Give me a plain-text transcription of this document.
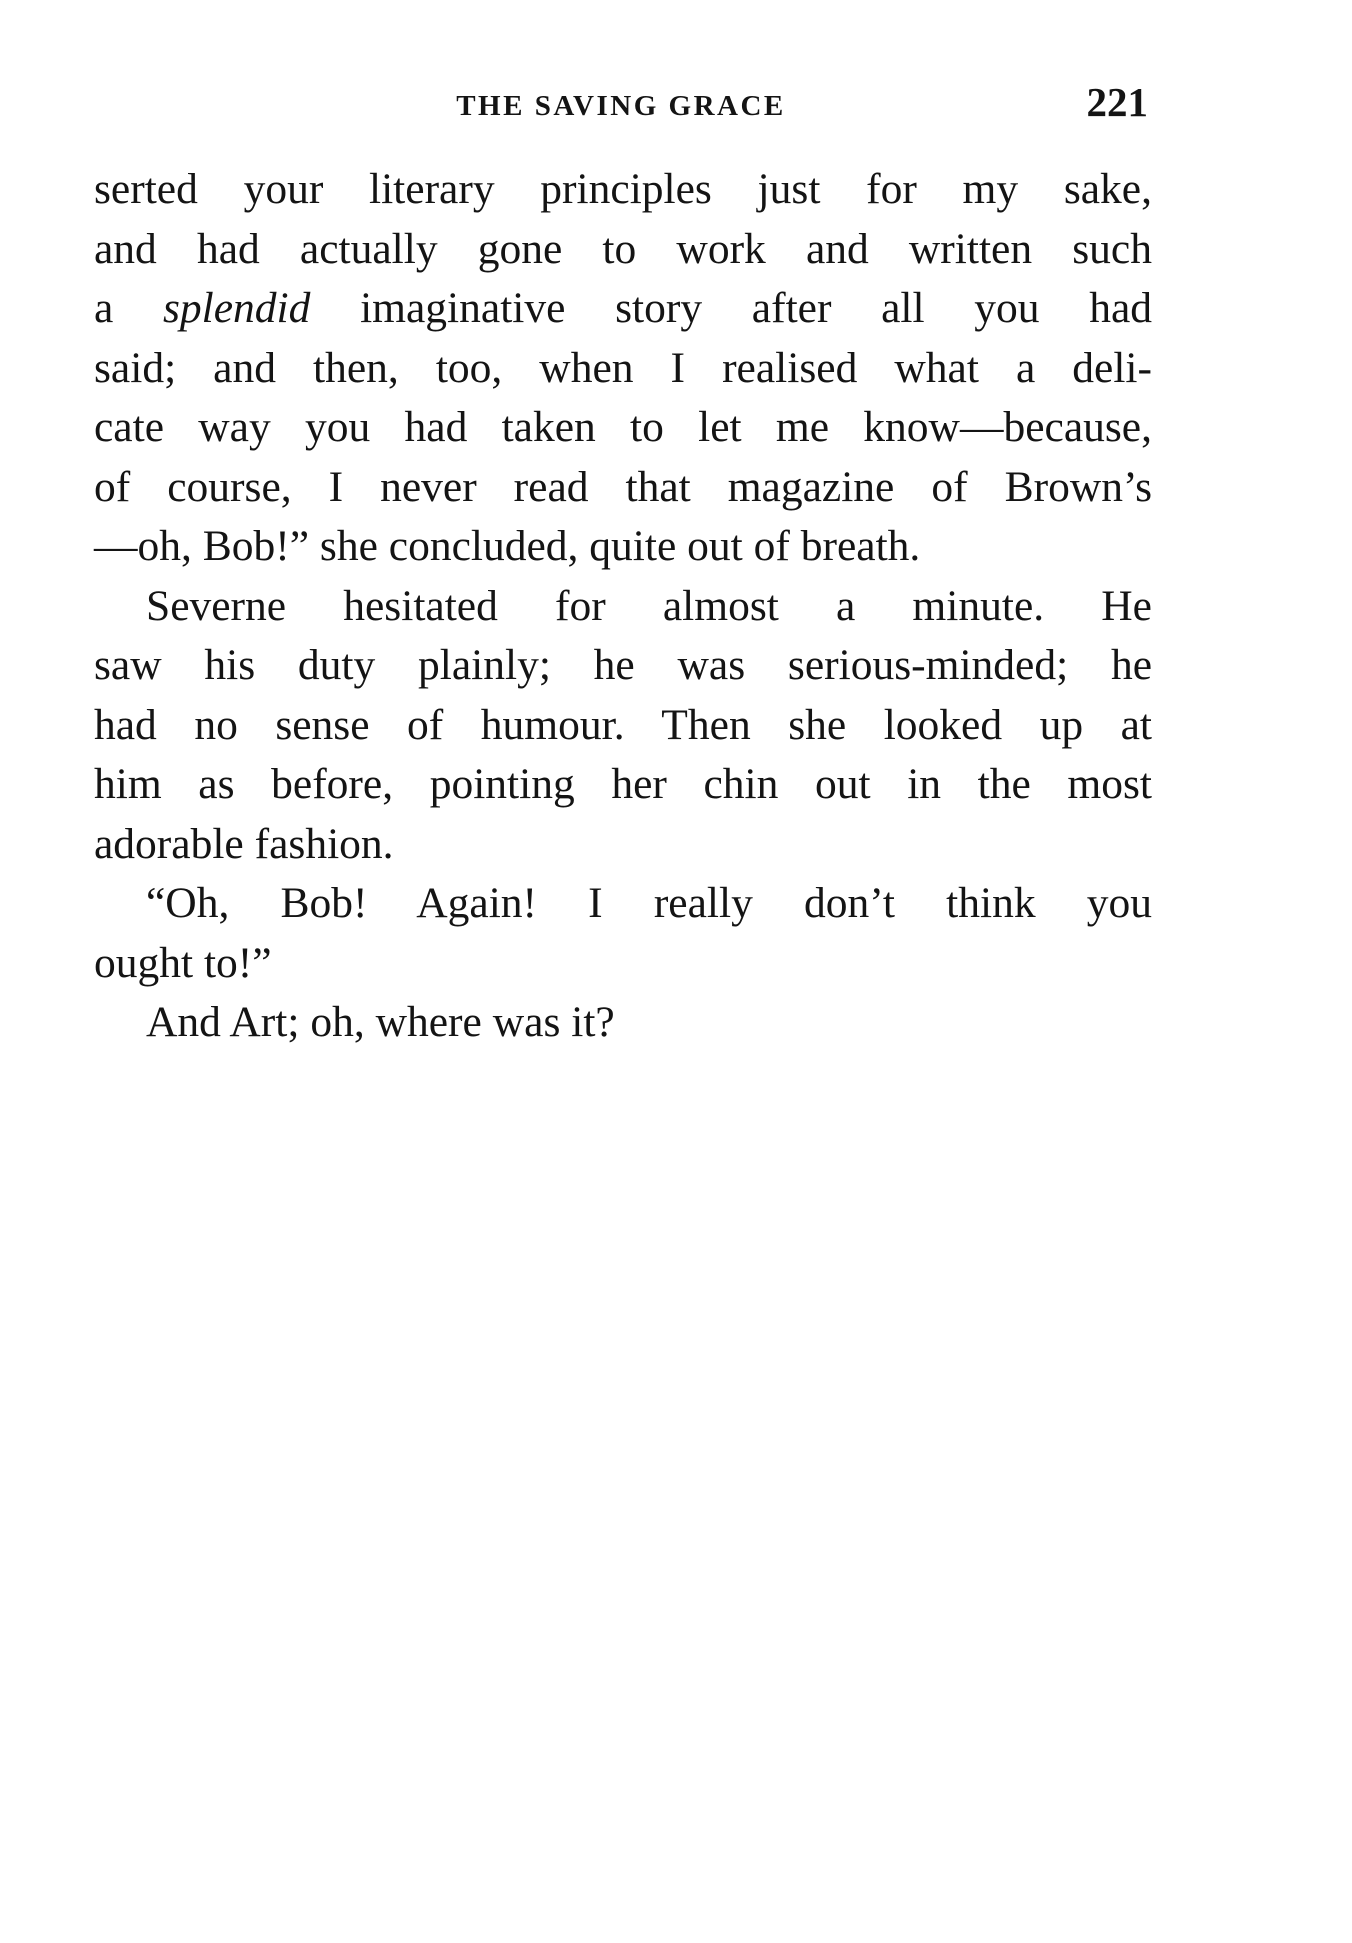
THE SAVING GRACE	221
serted your literary principles just for my sake,
and had actually gone to work and written such
a splendid imaginative story after all you had
said; and then, too, when I realised what a deli-
cate way you had taken to let me know—because,
of course, I never read that magazine of Brown’s
—oh, Bob!” she concluded, quite out of breath.
Severne hesitated for almost a minute. He
saw his duty plainly; he was serious-minded; he
had no sense of humour. Then she looked up at
him as before, pointing her chin out in the most
adorable fashion.
“Oh, Bob! Again! I really don’t think you
ought to!”
And Art; oh, where was it?
